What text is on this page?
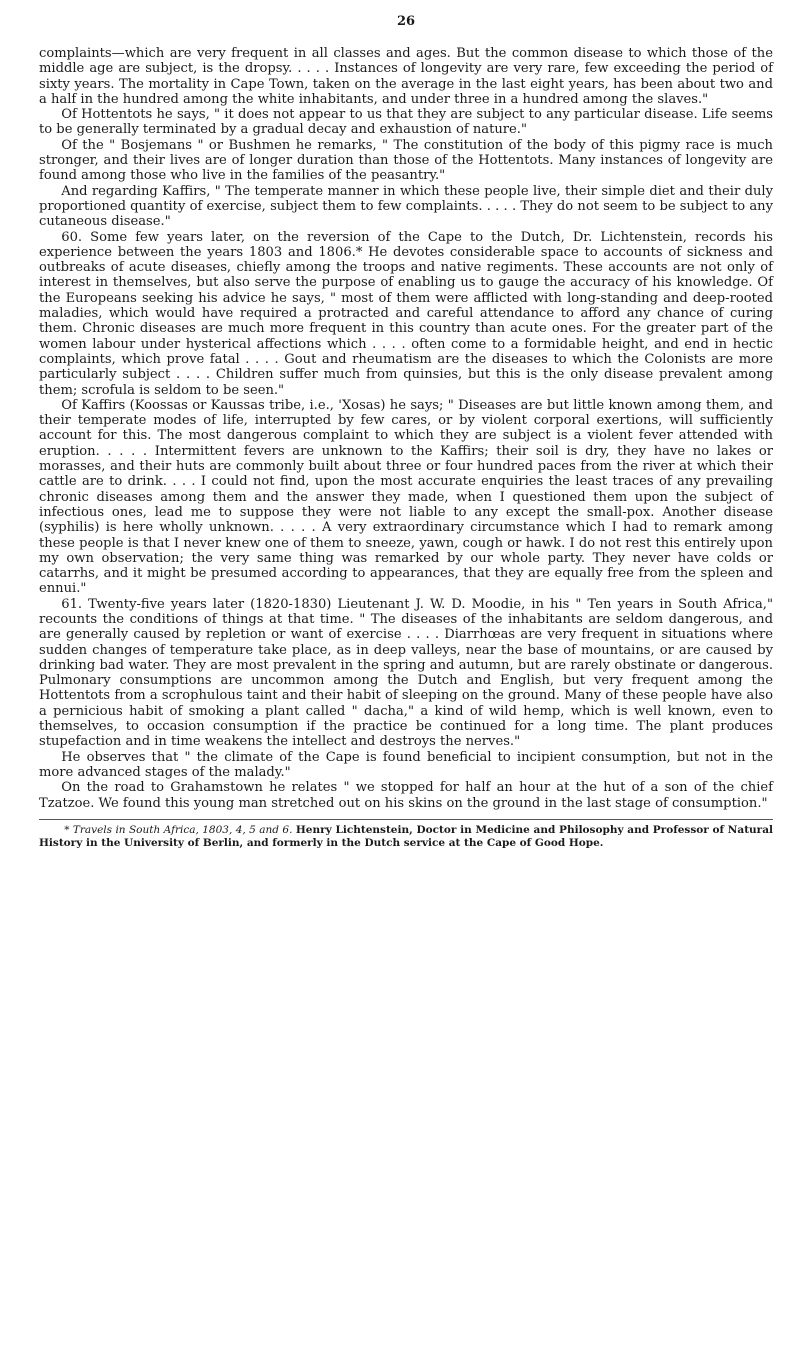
26

complaints—which are very frequent in all classes and ages. But the common disease to which those of the middle age are subject, is the dropsy. . . . . Instances of longevity are very rare, few exceeding the period of sixty years. The mortality in Cape Town, taken on the average in the last eight years, has been about two and a half in the hundred among the white inhabitants, and under three in a hundred among the slaves."

Of Hottentots he says, " it does not appear to us that they are subject to any particular disease. Life seems to be generally terminated by a gradual decay and exhaustion of nature."

Of the " Bosjemans " or Bushmen he remarks, " The constitution of the body of this pigmy race is much stronger, and their lives are of longer duration than those of the Hottentots. Many instances of longevity are found among those who live in the families of the peasantry."

And regarding Kaffirs, " The temperate manner in which these people live, their simple diet and their duly proportioned quantity of exercise, subject them to few complaints. . . . . They do not seem to be subject to any cutaneous disease."

60. Some few years later, on the reversion of the Cape to the Dutch, Dr. Lichtenstein, records his experience between the years 1803 and 1806.* He devotes considerable space to accounts of sickness and outbreaks of acute diseases, chiefly among the troops and native regiments. These accounts are not only of interest in themselves, but also serve the purpose of enabling us to gauge the accuracy of his knowledge. Of the Europeans seeking his advice he says, " most of them were afflicted with long-standing and deep-rooted maladies, which would have required a protracted and careful attendance to afford any chance of curing them. Chronic diseases are much more frequent in this country than acute ones. For the greater part of the women labour under hysterical affections which . . . . often come to a formidable height, and end in hectic complaints, which prove fatal . . . . Gout and rheumatism are the diseases to which the Colonists are more particularly subject . . . . Children suffer much from quinsies, but this is the only disease prevalent among them; scrofula is seldom to be seen."

Of Kaffirs (Koossas or Kaussas tribe, i.e., 'Xosas) he says; " Diseases are but little known among them, and their temperate modes of life, interrupted by few cares, or by violent corporal exertions, will sufficiently account for this. The most dangerous complaint to which they are subject is a violent fever attended with eruption. . . . . Intermittent fevers are unknown to the Kaffirs; their soil is dry, they have no lakes or morasses, and their huts are commonly built about three or four hundred paces from the river at which their cattle are to drink. . . . I could not find, upon the most accurate enquiries the least traces of any prevailing chronic diseases among them and the answer they made, when I questioned them upon the subject of infectious ones, lead me to suppose they were not liable to any except the small-pox. Another disease (syphilis) is here wholly unknown. . . . . A very extraordinary circumstance which I had to remark among these people is that I never knew one of them to sneeze, yawn, cough or hawk. I do not rest this entirely upon my own observation; the very same thing was remarked by our whole party. They never have colds or catarrhs, and it might be presumed according to appearances, that they are equally free from the spleen and ennui."

61. Twenty-five years later (1820-1830) Lieutenant J. W. D. Moodie, in his " Ten years in South Africa," recounts the conditions of things at that time. " The diseases of the inhabitants are seldom dangerous, and are generally caused by repletion or want of exercise . . . . Diarrhœas are very frequent in situations where sudden changes of temperature take place, as in deep valleys, near the base of mountains, or are caused by drinking bad water. They are most prevalent in the spring and autumn, but are rarely obstinate or dangerous. Pulmonary consumptions are uncommon among the Dutch and English, but very frequent among the Hottentots from a scrophulous taint and their habit of sleeping on the ground. Many of these people have also a pernicious habit of smoking a plant called " dacha," a kind of wild hemp, which is well known, even to themselves, to occasion consumption if the practice be continued for a long time. The plant produces stupefaction and in time weakens the intellect and destroys the nerves."

He observes that " the climate of the Cape is found beneficial to incipient consumption, but not in the more advanced stages of the malady."

On the road to Grahamstown he relates " we stopped for half an hour at the hut of a son of the chief Tzatzoe. We found this young man stretched out on his skins on the ground in the last stage of consumption."

* Travels in South Africa, 1803, 4, 5 and 6. Henry Lichtenstein, Doctor in Medicine and Philosophy and Professor of Natural History in the University of Berlin, and formerly in the Dutch service at the Cape of Good Hope.
